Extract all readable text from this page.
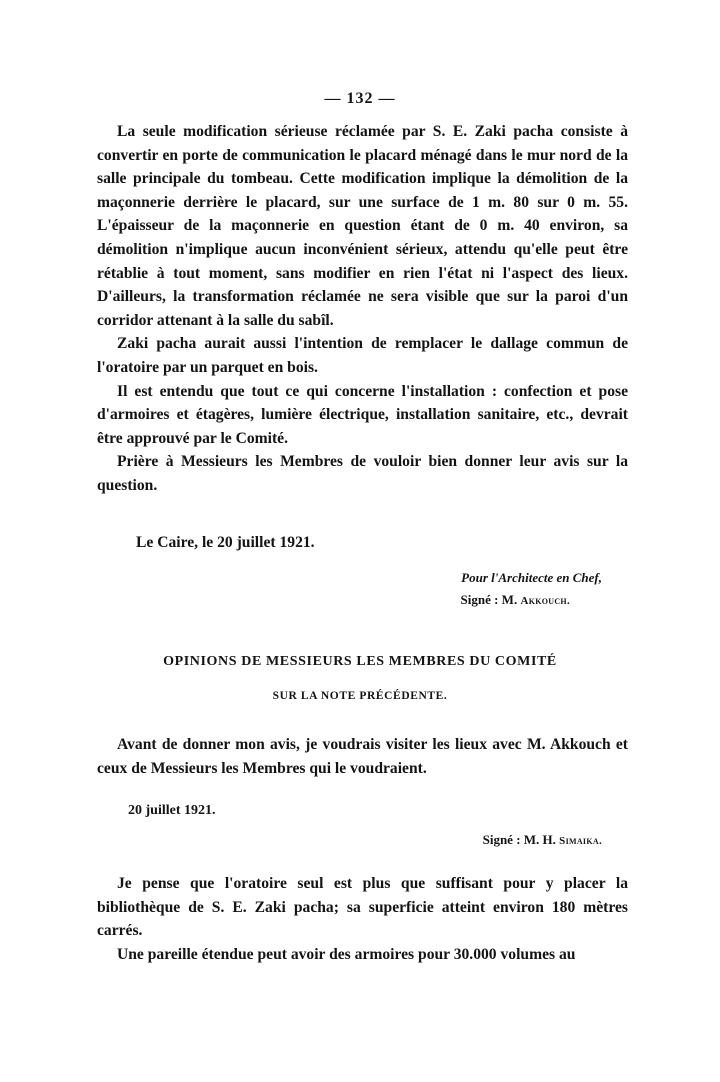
— 132 —

La seule modification sérieuse réclamée par S. E. Zaki pacha consiste à convertir en porte de communication le placard ménagé dans le mur nord de la salle principale du tombeau. Cette modification implique la démolition de la maçonnerie derrière le placard, sur une surface de 1 m. 80 sur 0 m. 55. L'épaisseur de la maçonnerie en question étant de 0 m. 40 environ, sa démolition n'implique aucun inconvénient sérieux, attendu qu'elle peut être rétablie à tout moment, sans modifier en rien l'état ni l'aspect des lieux. D'ailleurs, la transformation réclamée ne sera visible que sur la paroi d'un corridor attenant à la salle du sabîl.

Zaki pacha aurait aussi l'intention de remplacer le dallage commun de l'oratoire par un parquet en bois.

Il est entendu que tout ce qui concerne l'installation : confection et pose d'armoires et étagères, lumière électrique, installation sanitaire, etc., devrait être approuvé par le Comité.

Prière à Messieurs les Membres de vouloir bien donner leur avis sur la question.

Le Caire, le 20 juillet 1921.
Pour l'Architecte en Chef,
Signé : M. Akkouch.
OPINIONS DE MESSIEURS LES MEMBRES DU COMITÉ
SUR LA NOTE PRÉCÉDENTE.

Avant de donner mon avis, je voudrais visiter les lieux avec M. Akkouch et ceux de Messieurs les Membres qui le voudraient.

20 juillet 1921.
Signé : M. H. Simaika.

Je pense que l'oratoire seul est plus que suffisant pour y placer la bibliothèque de S. E. Zaki pacha; sa superficie atteint environ 180 mètres carrés.

Une pareille étendue peut avoir des armoires pour 30.000 volumes au
